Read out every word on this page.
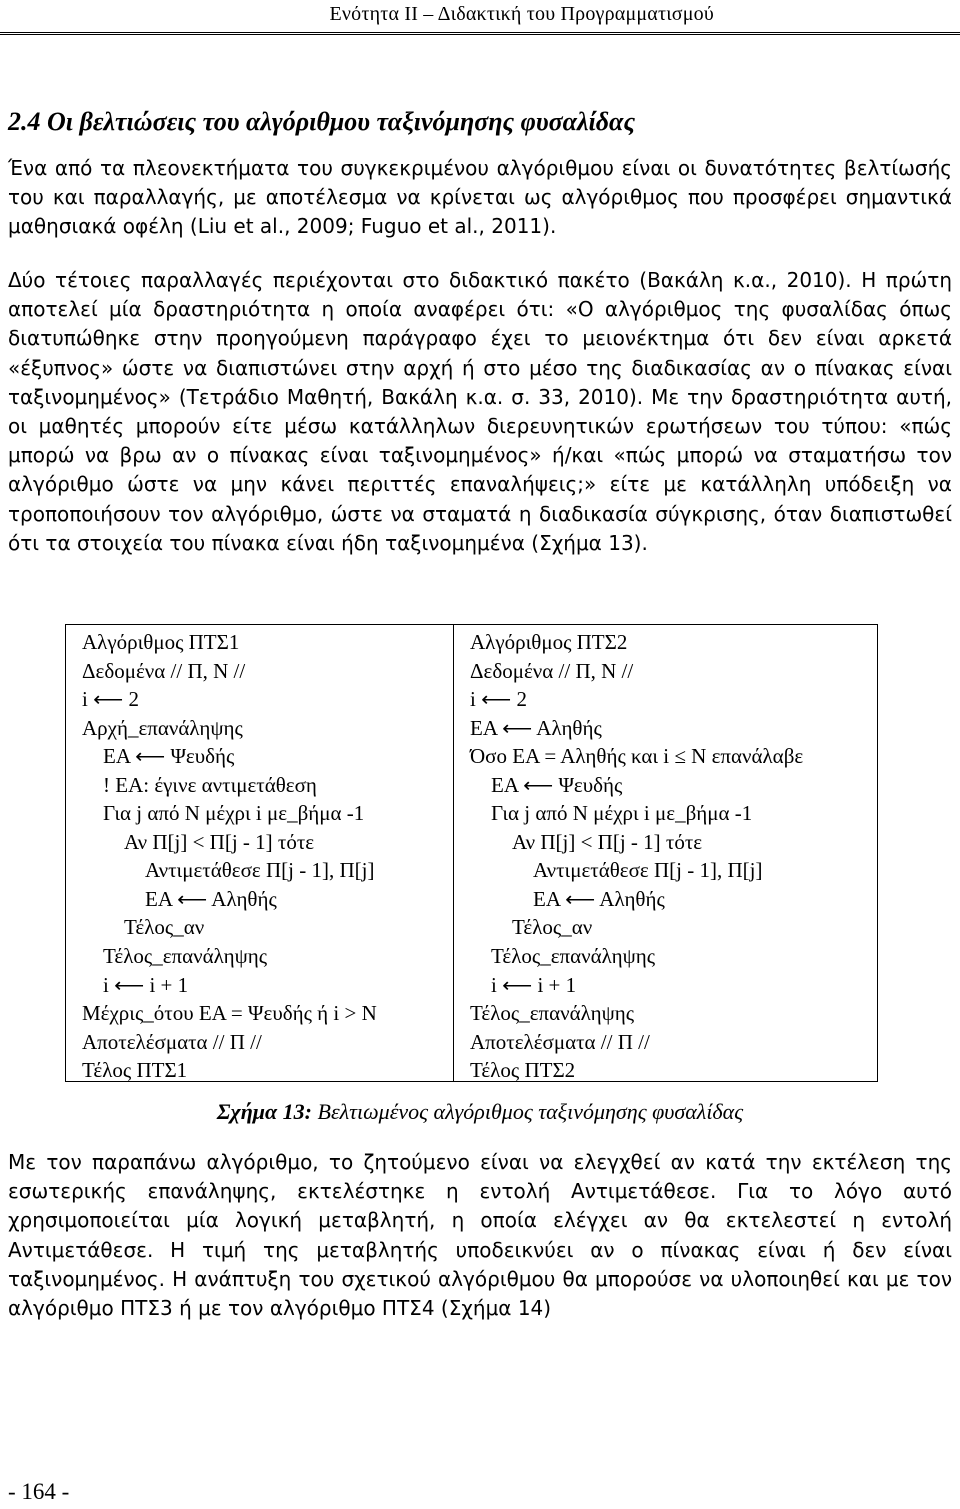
Ενότητα ΙΙ – Διδακτική του Προγραμματισμού
2.4 Οι βελτιώσεις του αλγόριθμου ταξινόμησης φυσαλίδας

Ένα από τα πλεονεκτήματα του συγκεκριμένου αλγόριθμου είναι οι δυνατότητες βελτίωσής του και παραλλαγής, με αποτέλεσμα να κρίνεται ως αλγόριθμος που προσφέρει σημαντικά μαθησιακά οφέλη (Liu et al., 2009; Fuguo et al., 2011).

Δύο τέτοιες παραλλαγές περιέχονται στο διδακτικό πακέτο (Βακάλη κ.α., 2010). Η πρώτη αποτελεί μία δραστηριότητα η οποία αναφέρει ότι: «Ο αλγόριθμος της φυσαλίδας όπως διατυπώθηκε στην προηγούμενη παράγραφο έχει το μειονέκτημα ότι δεν είναι αρκετά «έξυπνος» ώστε να διαπιστώνει στην αρχή ή στο μέσο της διαδικασίας αν ο πίνακας είναι ταξινομημένος» (Τετράδιο Μαθητή, Βακάλη κ.α. σ. 33, 2010). Με την δραστηριότητα αυτή, οι μαθητές μπορούν είτε μέσω κατάλληλων διερευνητικών ερωτήσεων του τύπου: «πώς μπορώ να βρω αν ο πίνακας είναι ταξινομημένος» ή/και «πώς μπορώ να σταματήσω τον αλγόριθμο ώστε να μην κάνει περιττές επαναλήψεις;» είτε με κατάλληλη υπόδειξη να τροποποιήσουν τον αλγόριθμο, ώστε να σταματά η διαδικασία σύγκρισης, όταν διαπιστωθεί ότι τα στοιχεία του πίνακα είναι ήδη ταξινομημένα (Σχήμα 13).

Αλγόριθμος ΠΤΣ1
Δεδομένα // Π, Ν //
i ⟵ 2
Αρχή_επανάληψης
ΕΑ ⟵ Ψευδής
! ΕΑ: έγινε αντιμετάθεση
Για j από Ν μέχρι i με_βήμα -1
Αν Π[j] < Π[j - 1] τότε
Αντιμετάθεσε Π[j - 1], Π[j]
ΕΑ ⟵ Αληθής
Τέλος_αν
Τέλος_επανάληψης
i ⟵ i + 1
Μέχρις_ότου ΕΑ = Ψευδής ή i > Ν
Αποτελέσματα // Π //
Τέλος ΠΤΣ1
Αλγόριθμος ΠΤΣ2
Δεδομένα // Π, Ν //
i ⟵ 2
ΕΑ ⟵ Αληθής
Όσο ΕΑ = Αληθής και i ≤ Ν επανάλαβε
ΕΑ ⟵ Ψευδής
Για j από Ν μέχρι i με_βήμα -1
Αν Π[j] < Π[j - 1] τότε
Αντιμετάθεσε Π[j - 1], Π[j]
ΕΑ ⟵ Αληθής
Τέλος_αν
Τέλος_επανάληψης
i ⟵ i + 1
Τέλος_επανάληψης
Αποτελέσματα // Π //
Τέλος ΠΤΣ2

Σχήμα 13: Βελτιωμένος αλγόριθμος ταξινόμησης φυσαλίδας

Με τον παραπάνω αλγόριθμο, το ζητούμενο είναι να ελεγχθεί αν κατά την εκτέλεση της εσωτερικής επανάληψης, εκτελέστηκε η εντολή Αντιμετάθεσε. Για το λόγο αυτό χρησιμοποιείται μία λογική μεταβλητή, η οποία ελέγχει αν θα εκτελεστεί η εντολή Αντιμετάθεσε. Η τιμή της μεταβλητής υποδεικνύει αν ο πίνακας είναι ή δεν είναι ταξινομημένος. Η ανάπτυξη του σχετικού αλγόριθμου θα μπορούσε να υλοποιηθεί και με τον αλγόριθμο ΠΤΣ3 ή με τον αλγόριθμο ΠΤΣ4 (Σχήμα 14)

- 164 -
